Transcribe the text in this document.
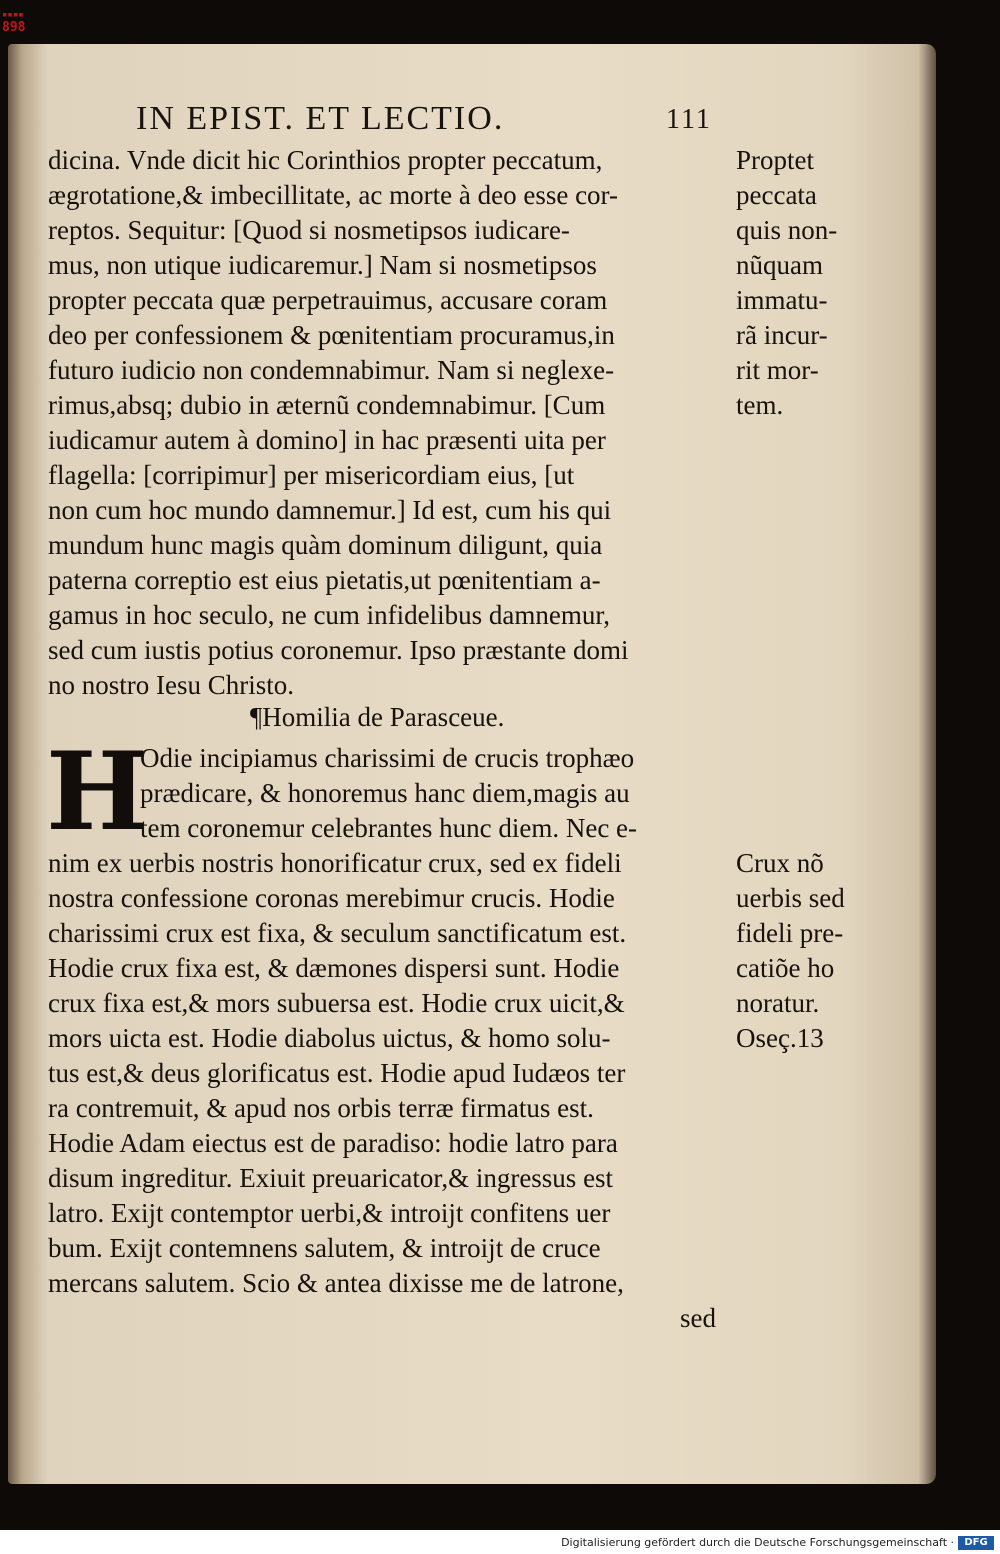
▪▪▪▪
898
IN EPIST. ET LECTIO.	111
dicina. Vnde dicit hic Corinthios propter peccatum,
ægrotatione,& imbecillitate, ac morte à deo esse cor-
reptos. Sequitur: [Quod si nosmetipsos iudicare-
mus, non utique iudicaremur.] Nam si nosmetipsos
propter peccata quæ perpetrauimus, accusare coram
deo per confessionem & pœnitentiam procuramus,in
futuro iudicio non condemnabimur. Nam si neglexe-
rimus,absq; dubio in æternũ condemnabimur. [Cum
iudicamur autem à domino] in hac præsenti uita per
flagella: [corripimur] per misericordiam eius, [ut
non cum hoc mundo damnemur.] Id est, cum his qui
mundum hunc magis quàm dominum diligunt, quia
paterna correptio est eius pietatis,ut pœnitentiam a-
gamus in hoc seculo, ne cum infidelibus damnemur,
sed cum iustis potius coronemur. Ipso præstante domi
no nostro Iesu Christo.
Proptet
peccata
quis non-
nũquam
immatu-
rã incur-
rit mor-
tem.
¶Homilia de Parasceue.
H
Odie incipiamus charissimi de crucis trophæo
prædicare, & honoremus hanc diem,magis au
tem coronemur celebrantes hunc diem. Nec e-
nim ex uerbis nostris honorificatur crux, sed ex fideli
nostra confessione coronas merebimur crucis. Hodie
charissimi crux est fixa, & seculum sanctificatum est.
Hodie crux fixa est, & dæmones dispersi sunt. Hodie
crux fixa est,& mors subuersa est. Hodie crux uicit,&
mors uicta est. Hodie diabolus uictus, & homo solu-
tus est,& deus glorificatus est. Hodie apud Iudæos ter
ra contremuit, & apud nos orbis terræ firmatus est.
Hodie Adam eiectus est de paradiso: hodie latro para
disum ingreditur. Exiuit preuaricator,& ingressus est
latro. Exijt contemptor uerbi,& introijt confitens uer
bum. Exijt contemnens salutem, & introijt de cruce
mercans salutem. Scio & antea dixisse me de latrone,
sed
Crux nõ
uerbis sed
fideli pre-
catiõe ho
noratur.
Oseç.13
Digitalisierung gefördert durch die Deutsche Forschungsgemeinschaft ·	DFG
